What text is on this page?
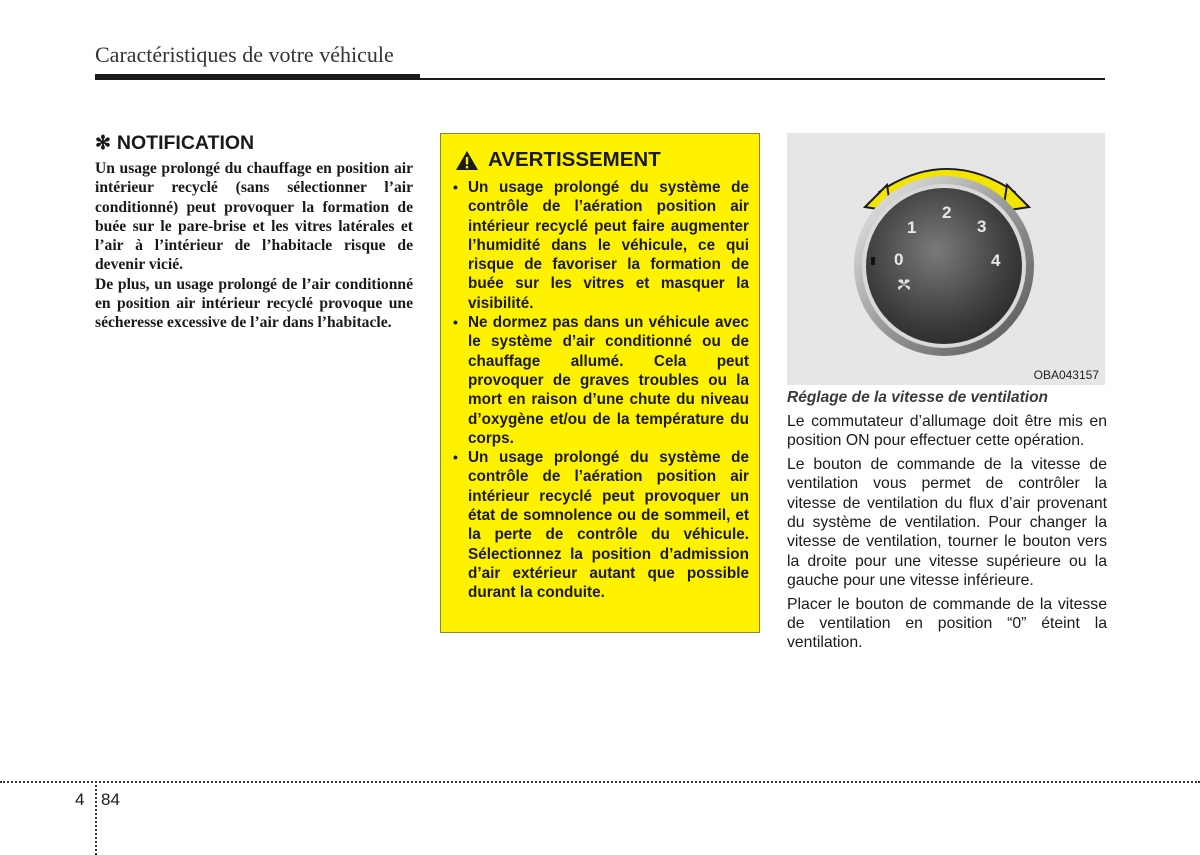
Caractéristiques de votre véhicule
✻ NOTIFICATION

Un usage prolongé du chauffage en position air intérieur recyclé (sans sélectionner l’air conditionné) peut provoquer la formation de buée sur le pare-brise et les vitres latérales et l’air à l’intérieur de l’habitacle risque de devenir vicié.

De plus, un usage prolongé de l’air conditionné en position air intérieur recyclé provoque une sécheresse excessive de l’air dans l’habitacle.

AVERTISSEMENT
• Un usage prolongé du système de contrôle de l’aération position air intérieur recyclé peut faire augmenter l’humidité dans le véhicule, ce qui risque de favoriser la formation de buée sur les vitres et masquer la visibilité.
• Ne dormez pas dans un véhicule avec le système d’air conditionné ou de chauffage allumé. Cela peut provoquer de graves troubles ou la mort en raison d’une chute du niveau d’oxygène et/ou de la température du corps.
• Un usage prolongé du système de contrôle de l’aération position air intérieur recyclé peut provoquer un état de somnolence ou de sommeil, et la perte de contrôle du véhicule. Sélectionnez la position d’admission d’air extérieur autant que possible durant la conduite.
0
1
2
3
4
OBA043157
Réglage de la vitesse de ventilation

Le commutateur d’allumage doit être mis en position ON pour effectuer cette opération.

Le bouton de commande de la vitesse de ventilation vous permet de contrôler la vitesse de ventilation du flux d’air provenant du système de ventilation. Pour changer la vitesse de ventilation, tourner le bouton vers la droite pour une vitesse supérieure ou la gauche pour une vitesse inférieure.

Placer le bouton de commande de la vitesse de ventilation en position “0” éteint la ventilation.

4 84
